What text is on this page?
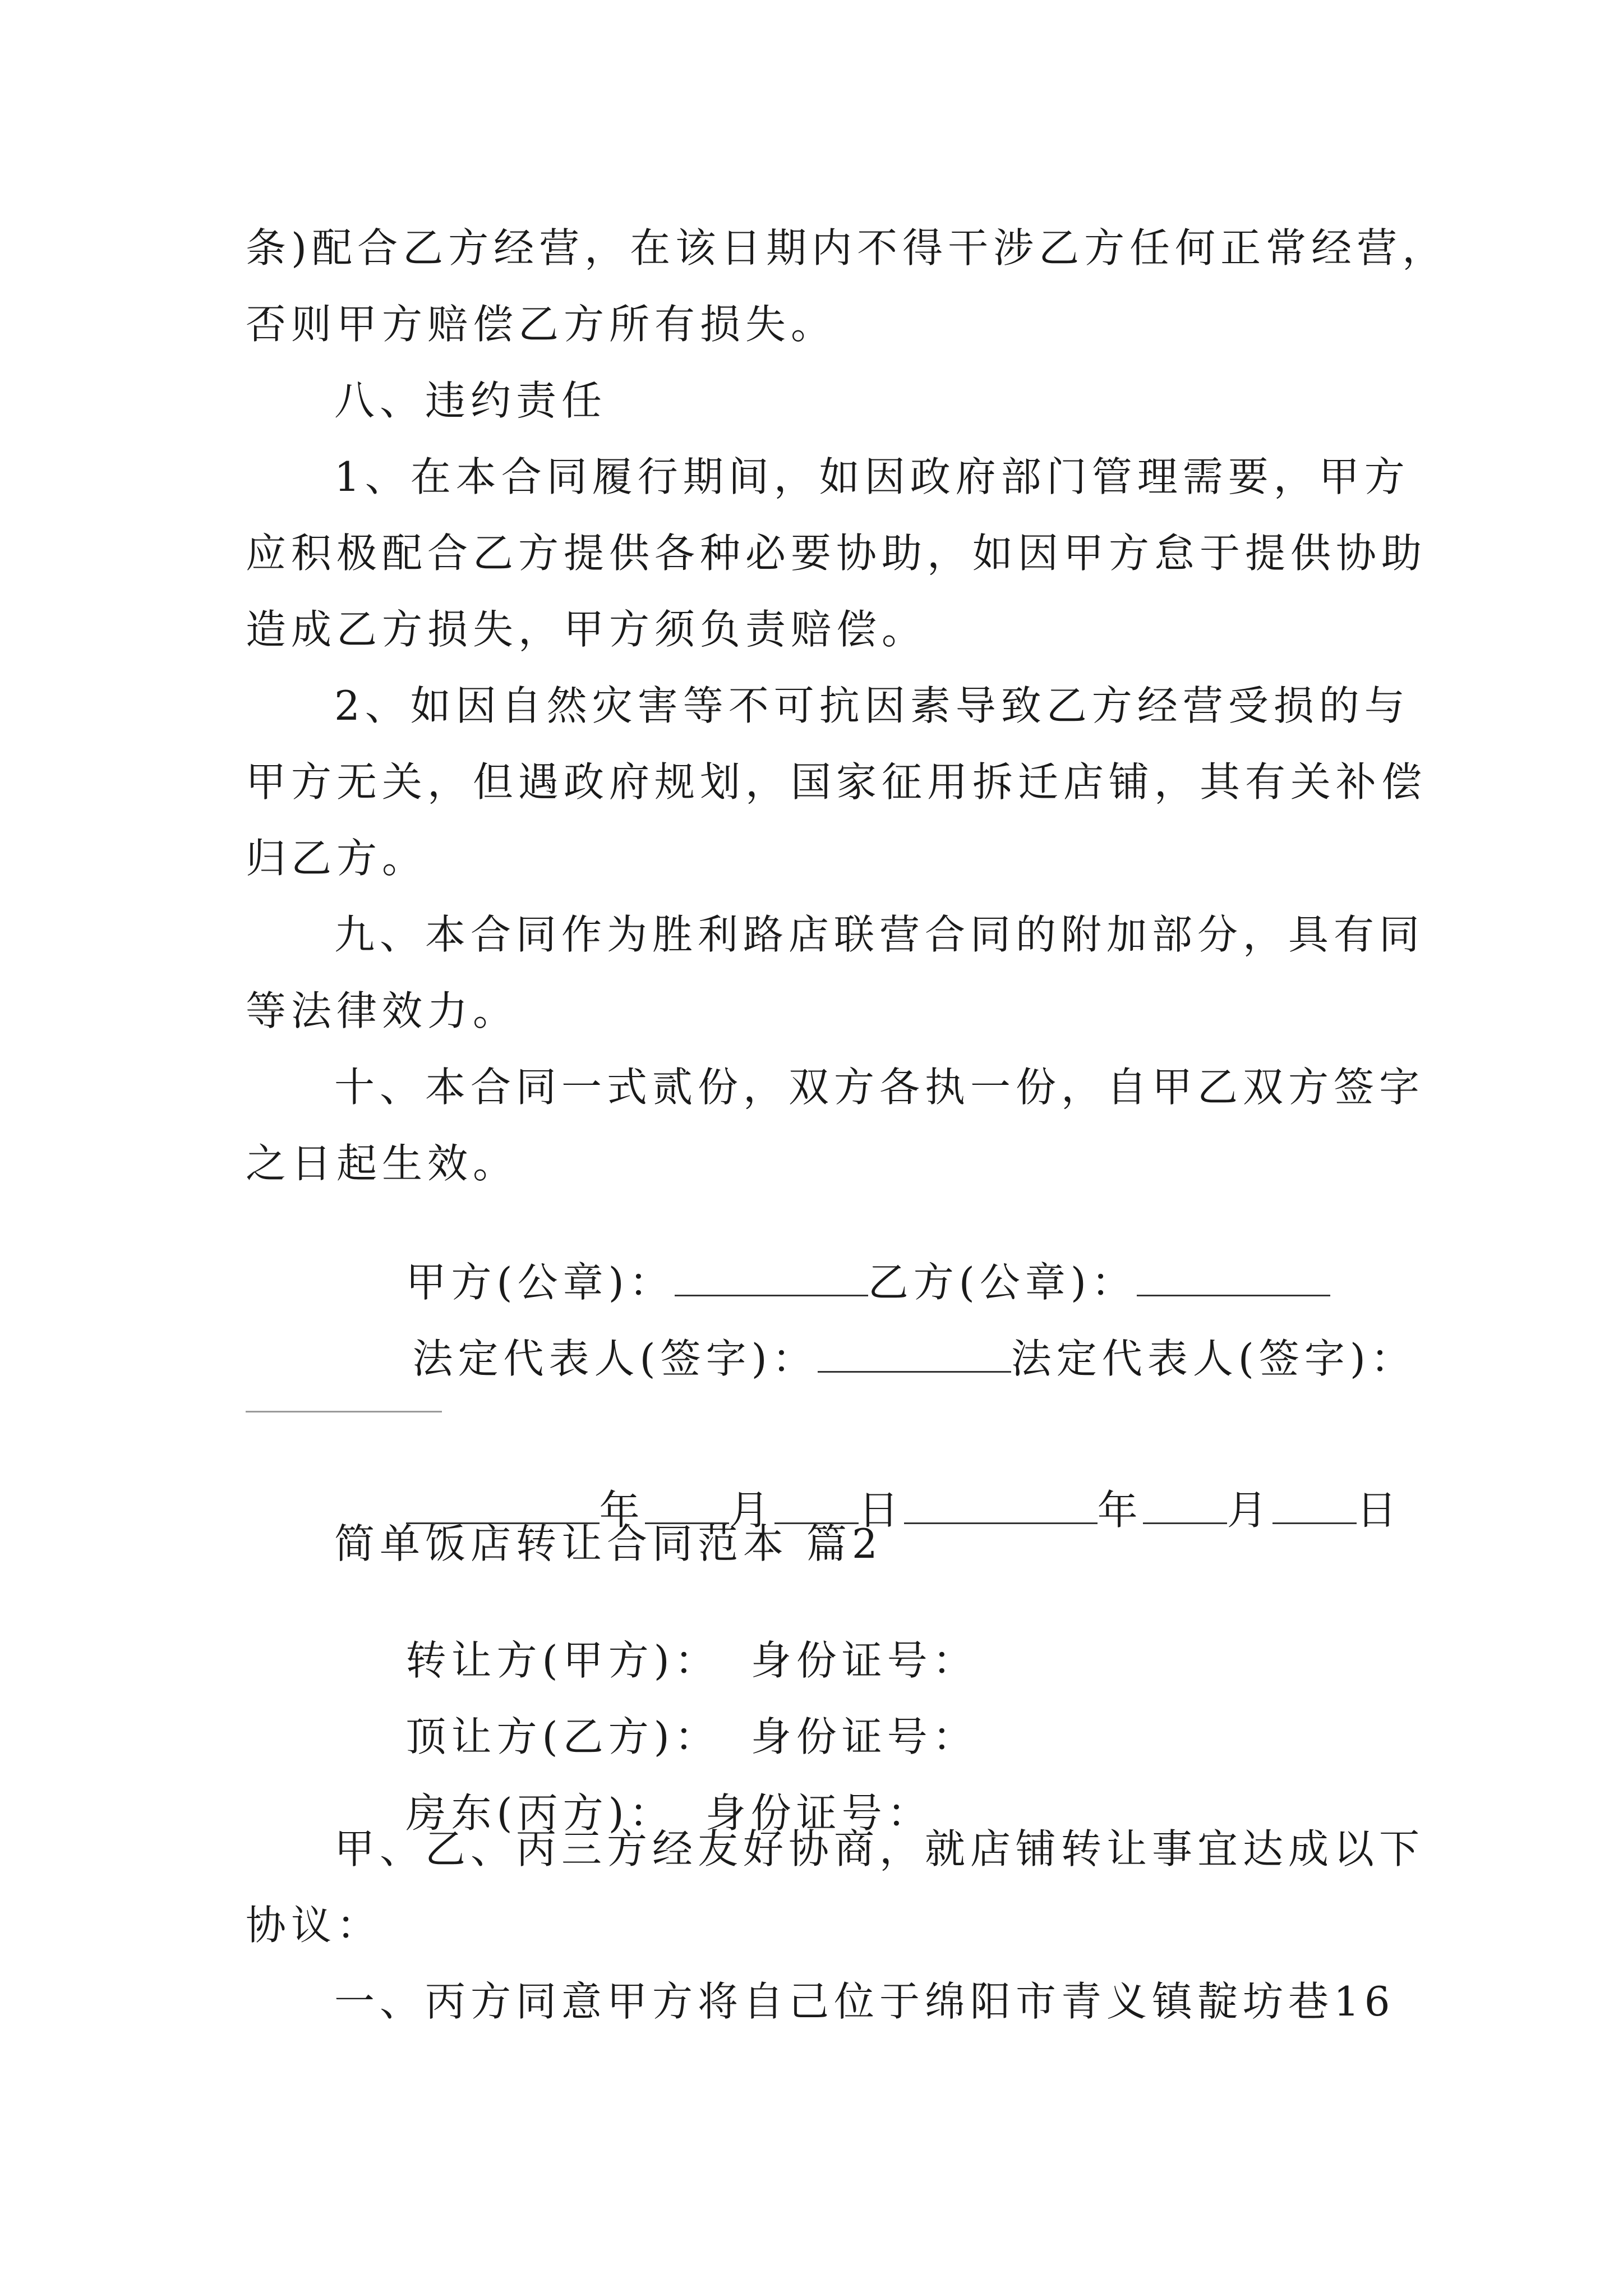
条)配合乙方经营，在该日期内不得干涉乙方任何正常经营，

否则甲方赔偿乙方所有损失。

八、违约责任

1、在本合同履行期间，如因政府部门管理需要，甲方

应积极配合乙方提供各种必要协助，如因甲方怠于提供协助

造成乙方损失，甲方须负责赔偿。

2、如因自然灾害等不可抗因素导致乙方经营受损的与

甲方无关，但遇政府规划，国家征用拆迁店铺，其有关补偿

归乙方。

九、本合同作为胜利路店联营合同的附加部分，具有同

等法律效力。

十、本合同一式贰份，双方各执一份，自甲乙双方签字

之日起生效。

甲方(公章)：	乙方(公章)：

法定代表人(签字)：	法定代表人(签字)：

年 月 日	年 月 日

简单饭店转让合同范本 篇2

转让方(甲方)： 身份证号：

顶让方(乙方)： 身份证号：

房东(丙方)： 身份证号：

甲、乙、丙三方经友好协商，就店铺转让事宜达成以下

协议：

一、丙方同意甲方将自己位于绵阳市青义镇靛坊巷16
